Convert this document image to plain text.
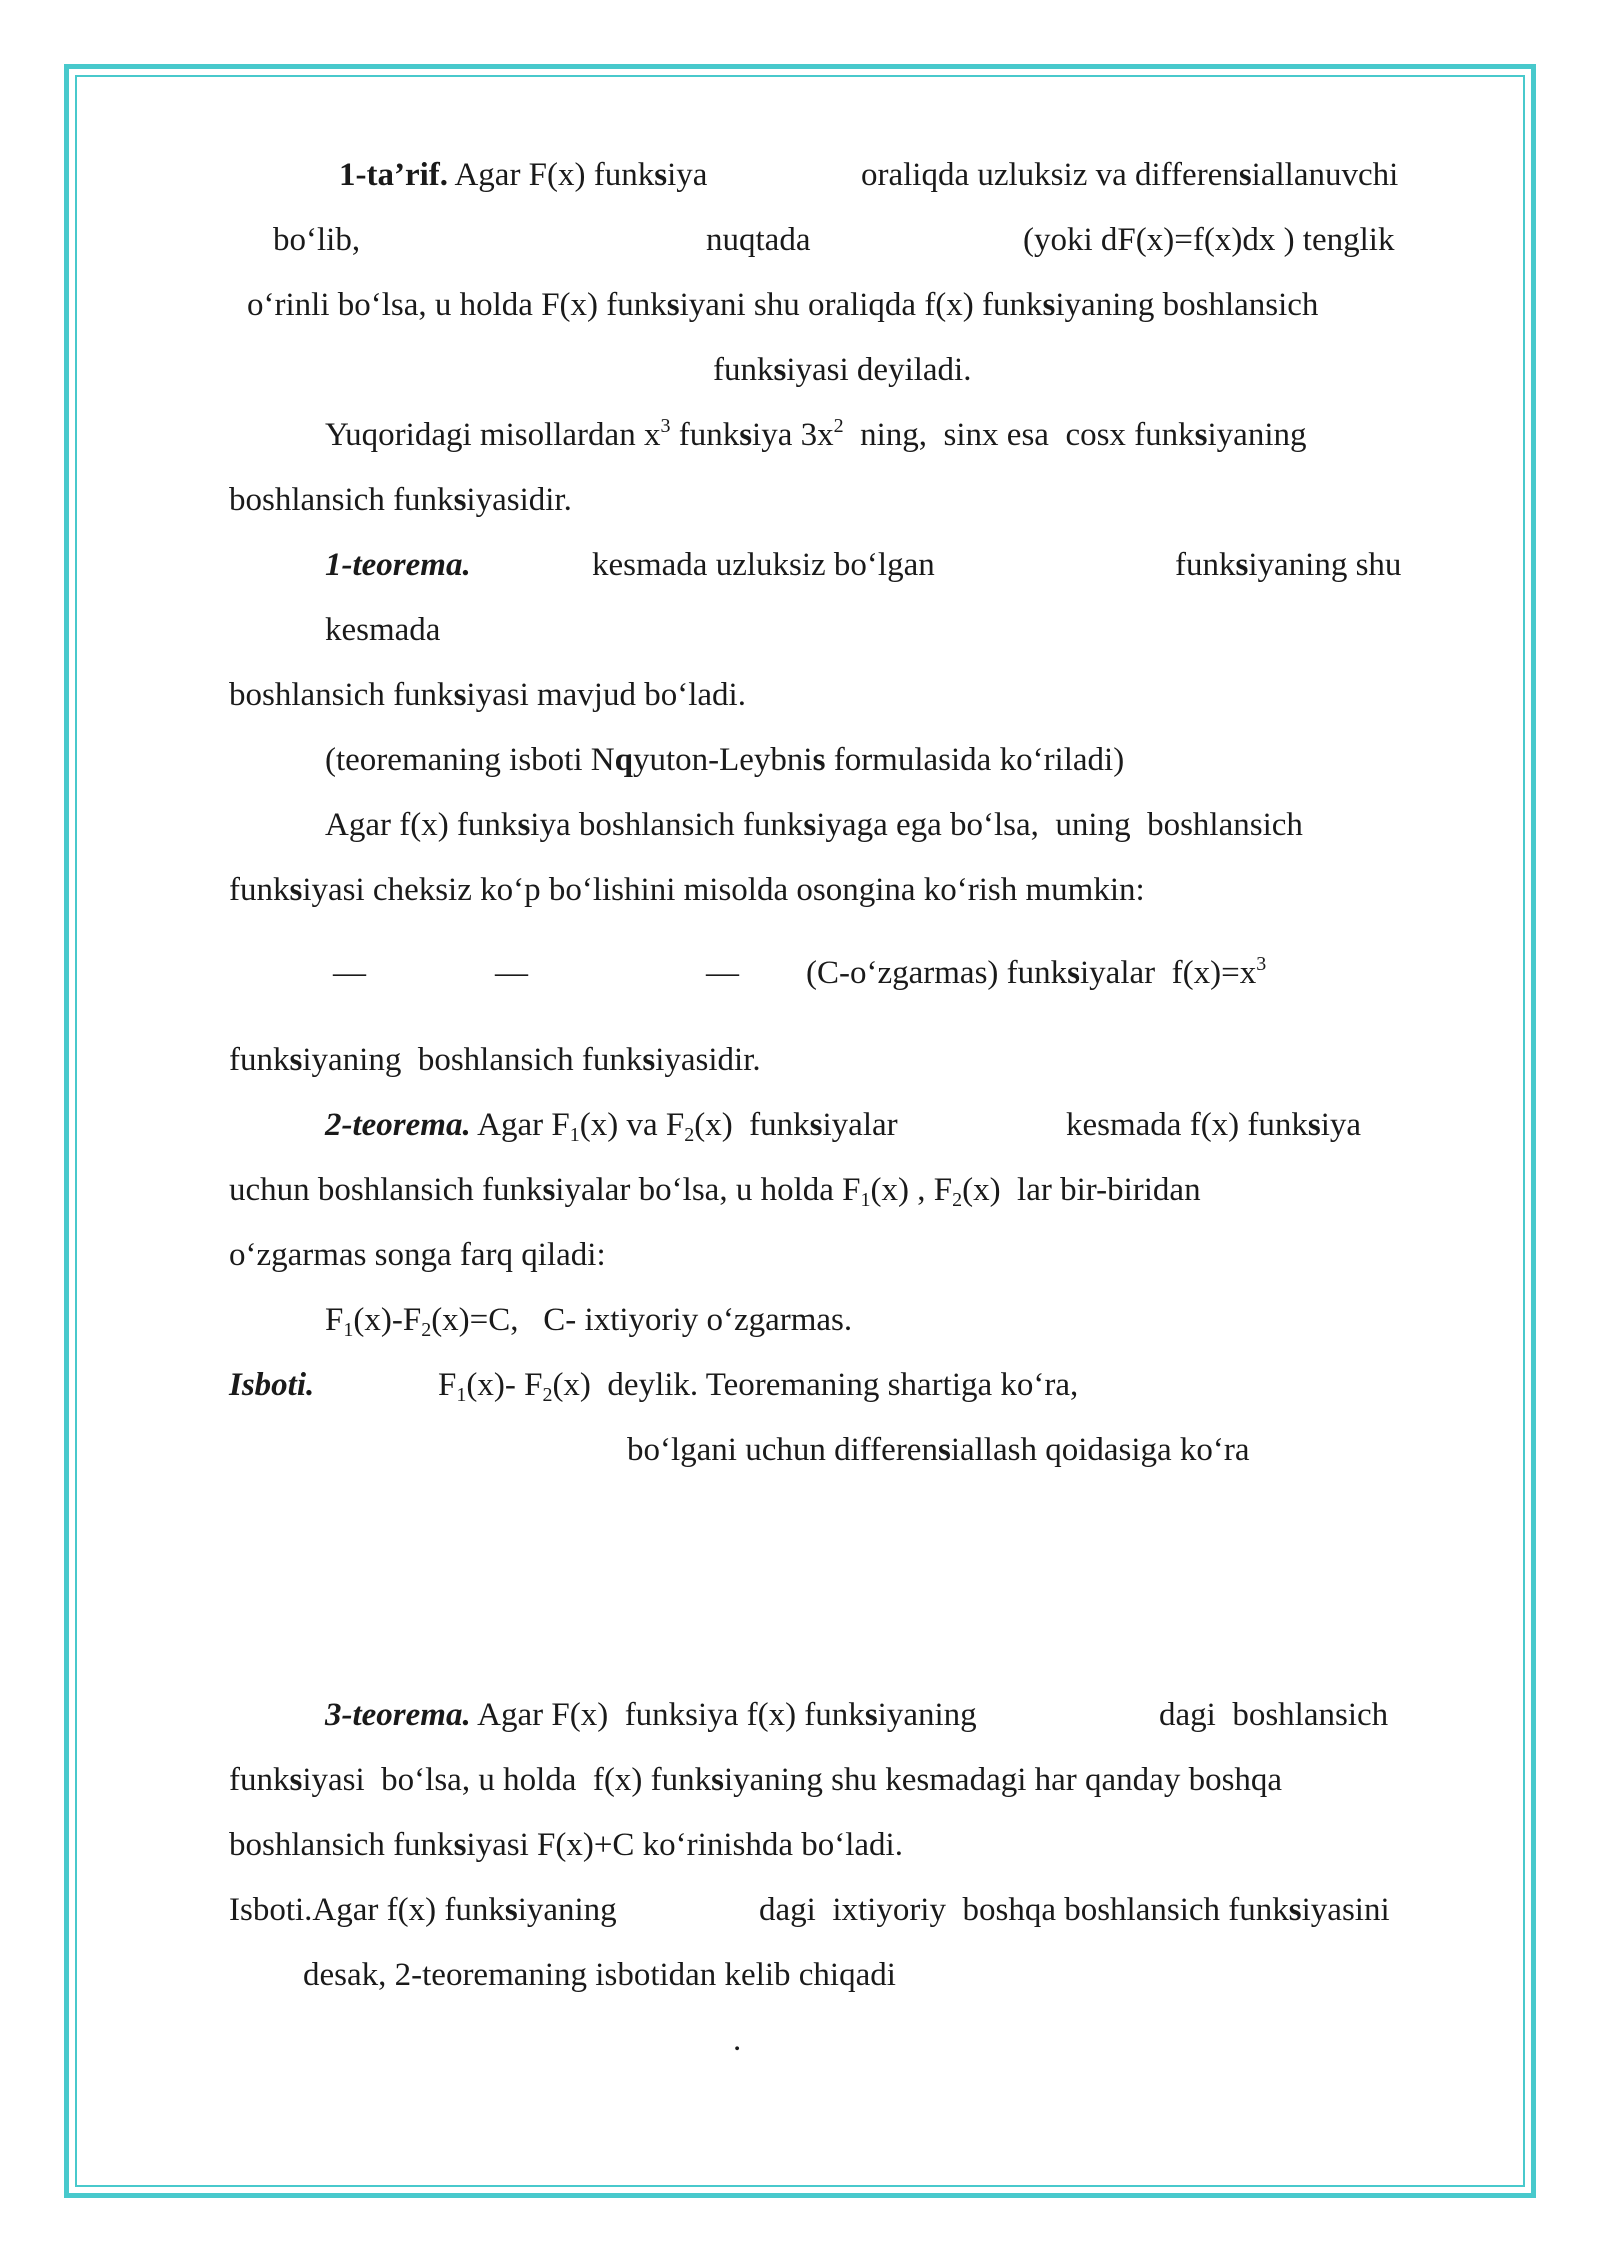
1-ta’rif. Agar F(x) funksiya	oraliqda uzluksiz va differensiallanuvchi
bo‘lib,	nuqtada	(yoki dF(x)=f(x)dx ) tenglik
o‘rinli bo‘lsa, u holda F(x) funksiyani shu oraliqda f(x) funksiyaning boshlansich
funksiyasi deyiladi.
Yuqoridagi misollardan $x^3$ funksiya $3x^2$  ning,  sinx esa  cosx funksiyaning
boshlansich funksiyasidir.
1-teorema.	kesmada uzluksiz bo‘lgan	funksiyaning shu
kesmada
boshlansich funksiyasi mavjud bo‘ladi.
(teoremaning isboti Nqyuton-Leybnis formulasida ko‘riladi)
Agar f(x) funksiya boshlansich funksiyaga ega bo‘lsa,  uning  boshlansich
funksiyasi cheksiz ko‘p bo‘lishini misolda osongina ko‘rish mumkin:
—	—	— (C-o‘zgarmas) funksiyalar  $f(x)=x^3$
funksiyaning  boshlansich funksiyasidir.
2-teorema. Agar $F_1(x)$ va $F_2(x)$  funksiyalar	kesmada f(x) funksiya
uchun boshlansich funksiyalar bo‘lsa, u holda $F_1(x)$ , $F_2(x)$  lar bir-biridan
o‘zgarmas songa farq qiladi:
$F_1(x)-F_2(x)=C$,   C- ixtiyoriy o‘zgarmas.
Isboti.	$F_1(x)-$ $F_2(x)$  deylik. Teoremaning shartiga ko‘ra,
bo‘lgani uchun differensiallash qoidasiga ko‘ra
3-teorema. Agar F(x)  funksiya f(x) funksiyaning	dagi  boshlansich
funksiyasi  bo‘lsa, u holda  f(x) funksiyaning shu kesmadagi har qanday boshqa
boshlansich funksiyasi F(x)+C ko‘rinishda bo‘ladi.
Isboti.Agar f(x) funksiyaning	dagi  ixtiyoriy  boshqa boshlansich funksiyasini
desak, 2-teoremaning isbotidan kelib chiqadi
.
